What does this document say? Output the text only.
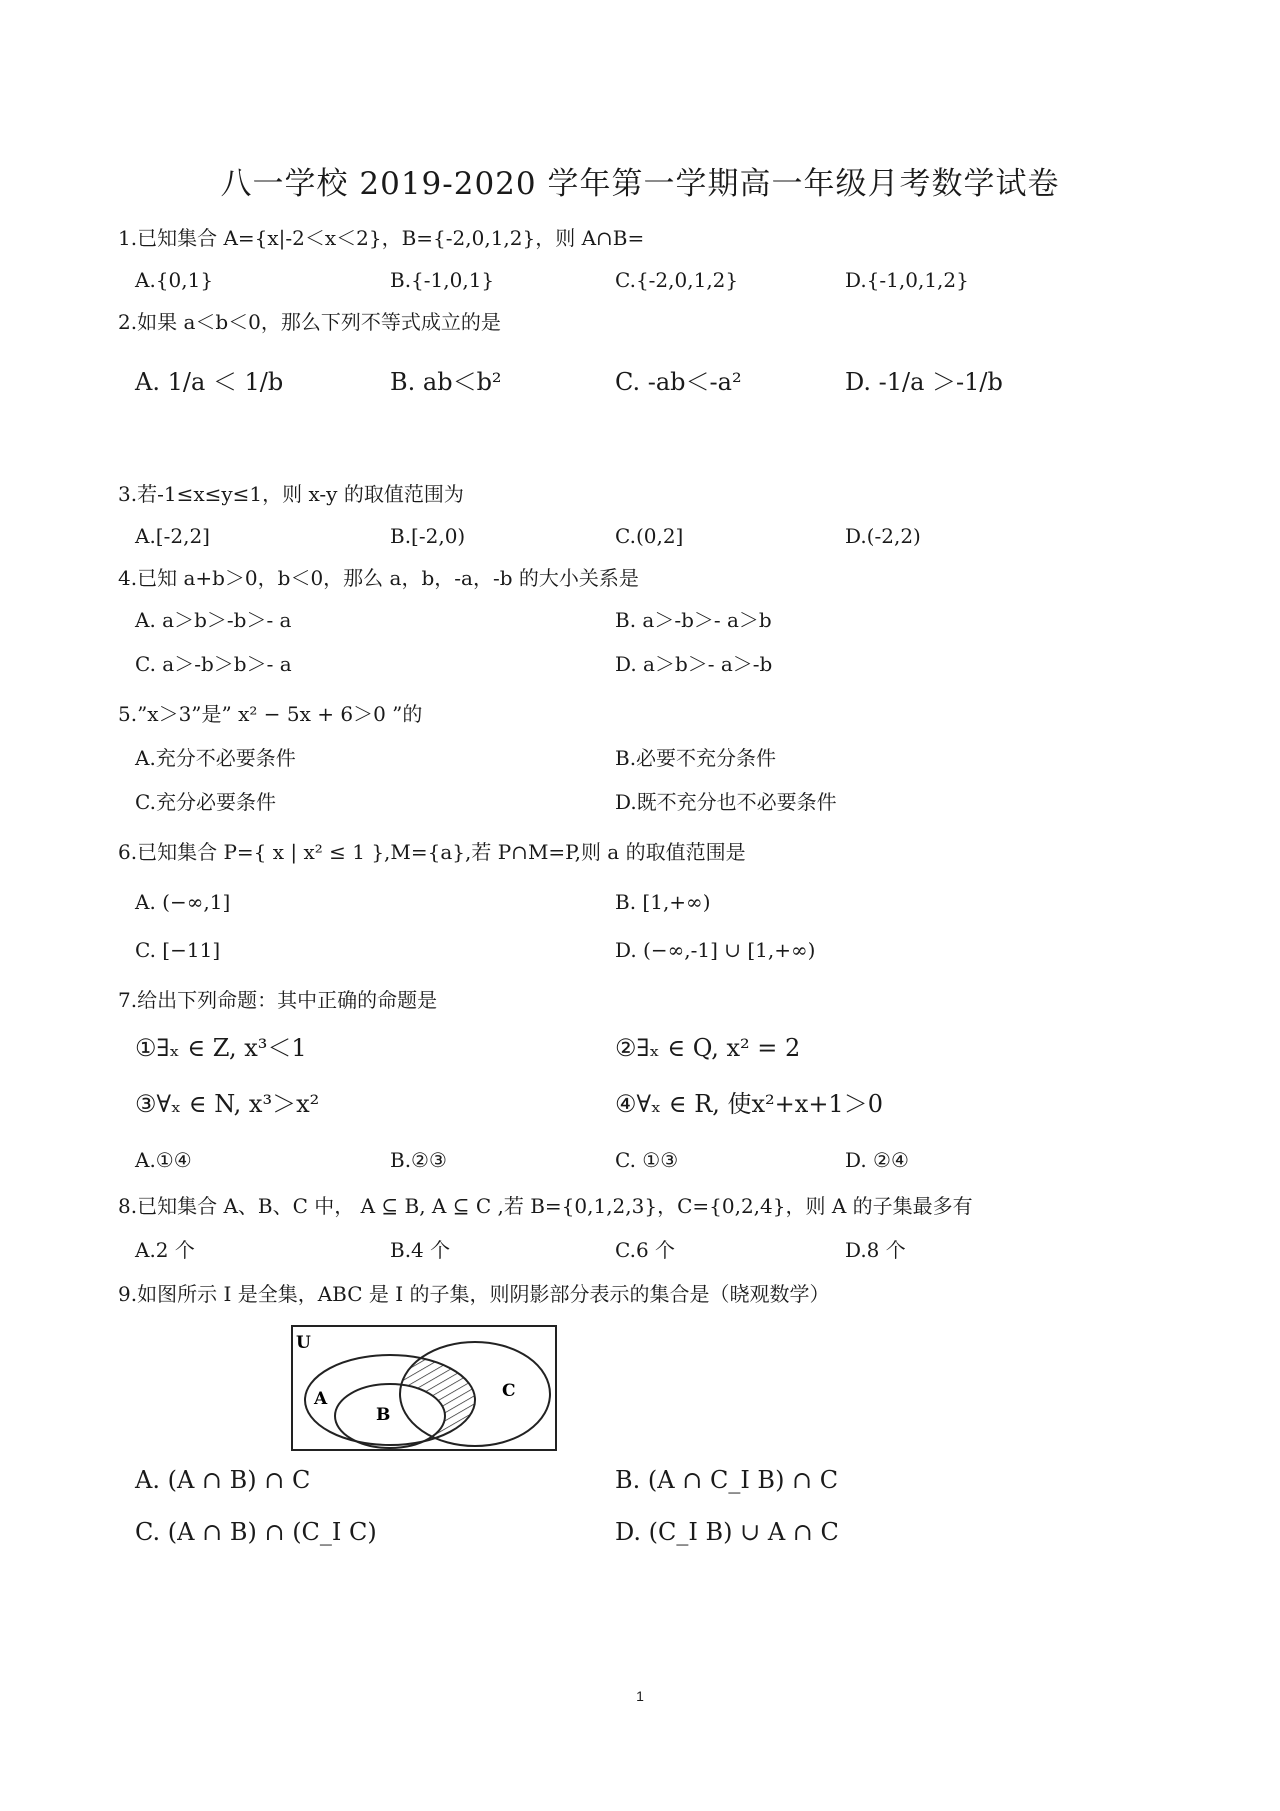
八一学校 2019-2020 学年第一学期高一年级月考数学试卷
1.已知集合 A={x|-2＜x＜2}，B={-2,0,1,2}，则 A∩B=
A.{0,1}	B.{-1,0,1}	C.{-2,0,1,2}	D.{-1,0,1,2}
2.如果 a＜b＜0，那么下列不等式成立的是
A. 1/a ＜ 1/b	B. ab＜b²	C. -ab＜-a²	D. -1/a ＞-1/b
3.若-1≤x≤y≤1，则 x-y 的取值范围为
A.[-2,2]	B.[-2,0)	C.(0,2]	D.(-2,2)
4.已知 a+b＞0，b＜0，那么 a，b，-a，-b 的大小关系是
A. a＞b＞-b＞- a	B. a＞-b＞- a＞b
C. a＞-b＞b＞- a	D. a＞b＞- a＞-b
5.”x＞3”是” x² − 5x + 6＞0 ”的
A.充分不必要条件	B.必要不充分条件
C.充分必要条件	D.既不充分也不必要条件
6.已知集合 P={ x | x² ≤ 1 },M={a},若 P∩M=P,则 a 的取值范围是
A. (−∞,1]	B. [1,+∞)
C. [−11]	D. (−∞,-1] ∪ [1,+∞)
7.给出下列命题：其中正确的命题是
①∃ₓ ∈ Z, x³＜1	②∃ₓ ∈ Q, x² = 2
③∀ₓ ∈ N, x³＞x²	④∀ₓ ∈ R, 使x²+x+1＞0
A.①④	B.②③	C. ①③	D. ②④
8.已知集合 A、B、C 中， A ⊆ B, A ⊆ C ,若 B={0,1,2,3}，C={0,2,4}，则 A 的子集最多有
A.2 个	B.4 个	C.6 个	D.8 个
9.如图所示 I 是全集，ABC 是 I 的子集，则阴影部分表示的集合是（晓观数学）
U
A
B
C
A. (A ∩ B) ∩ C	B. (A ∩ C_I B) ∩ C
C. (A ∩ B) ∩ (C_I C)	D. (C_I B) ∪ A ∩ C
1
